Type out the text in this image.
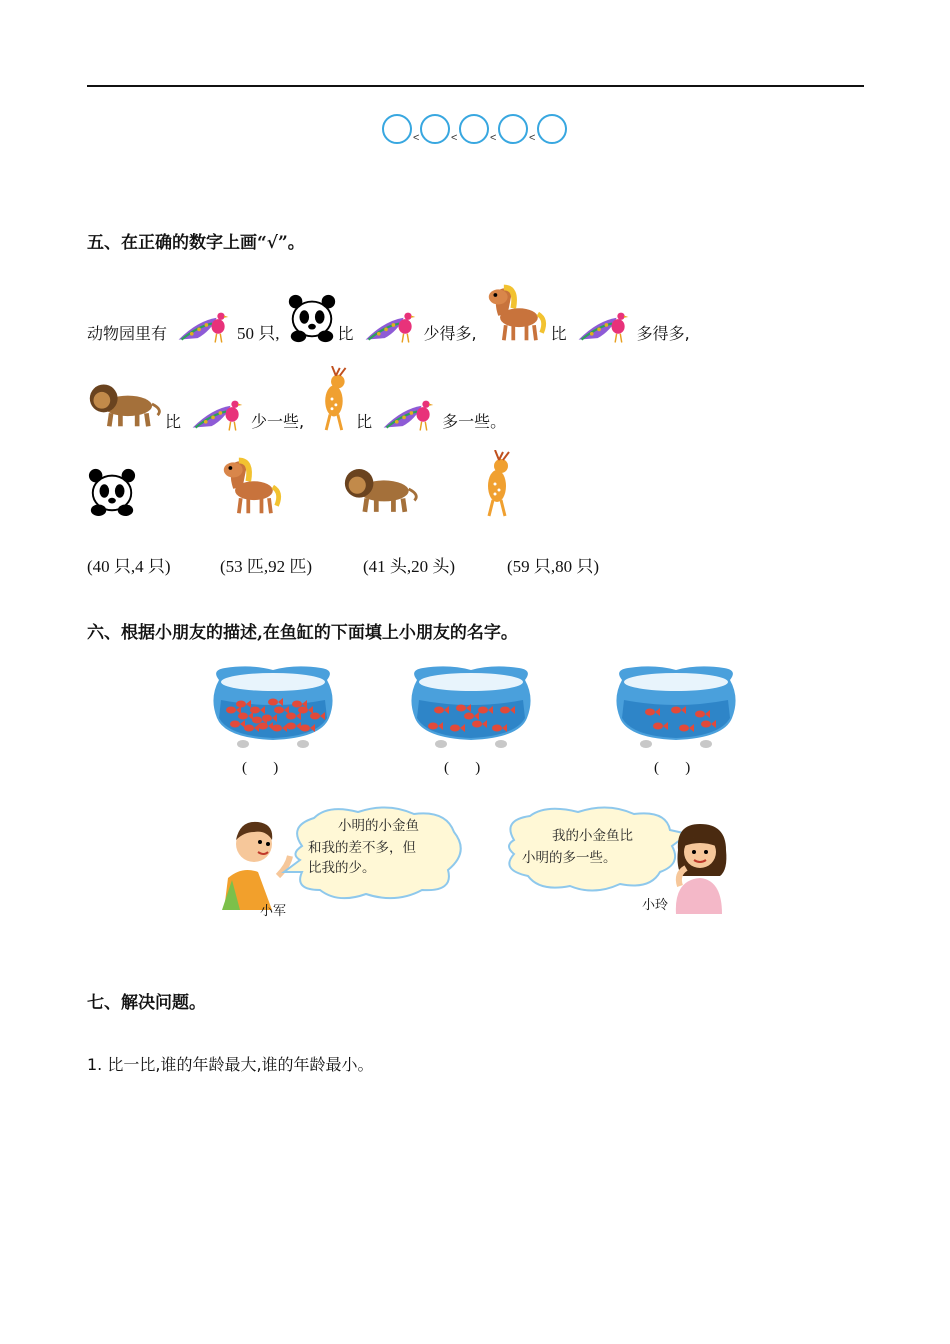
<	<	<	<
五、在正确的数字上画“√”。
动物园里有	50 只,	比	少得多,	比	多得多,
比	少一些,	比	多一些。
(40 只,4 只)	(53 匹,92 匹)	(41 头,20 头)	(59 只,80 只)
六、根据小朋友的描述,在鱼缸的下面填上小朋友的名字。
(       )	(       )	(       )
小明的小金鱼
和我的差不多，但
比我的少。
小军
我的小金鱼比
小明的多一些。
小玲
七、解决问题。
1. 比一比,谁的年龄最大,谁的年龄最小。
